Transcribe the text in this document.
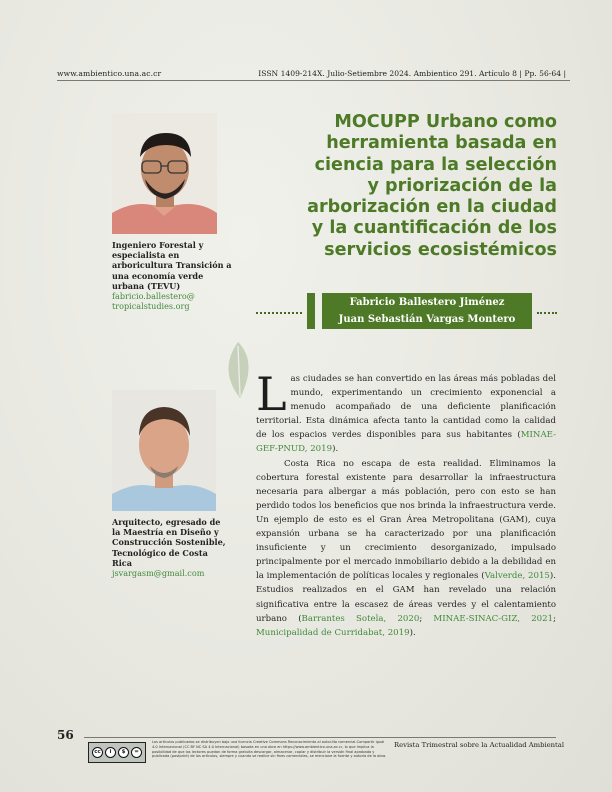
www.ambientico.una.ac.cr	ISSN 1409-214X. Julio-Setiembre 2024. Ambientico 291. Artículo 8 | Pp. 56-64 |
Ingeniero Forestal y especialista en arboricultura Transición a una economía verde urbana (TEVU)
fabricio.ballestero@ tropicalstudies.org
Arquitecto, egresado de la Maestría en Diseño y Construcción Sostenible, Tecnológico de Costa Rica
jsvargasm@gmail.com
MOCUPP Urbano como
herramienta basada en
ciencia para la selección
y priorización de la
arborización en la ciudad
y la cuantificación de los
servicios ecosistémicos
Fabricio Ballestero Jiménez
Juan Sebastián Vargas Montero

Las ciudades se han convertido en las áreas más pobladas del mundo, experimentando un crecimiento exponencial a menudo acompañado de una deficiente planificación territorial. Esta dinámica afecta tanto la cantidad como la calidad de los espacios verdes disponibles para sus habitantes (MINAE-GEF-PNUD, 2019).

Costa Rica no escapa de esta realidad. Eliminamos la cobertura forestal existente para desarrollar la infraestructura necesaria para albergar a más población, pero con esto se han perdido todos los beneficios que nos brinda la infraestructura verde. Un ejemplo de esto es el Gran Área Metropolitana (GAM), cuya expansión urbana se ha caracterizado por una planificación insuficiente y un crecimiento desorganizado, impulsado principalmente por el mercado inmobiliario debido a la debilidad en la implementación de políticas locales y regionales (Valverde, 2015). Estudios realizados en el GAM han revelado una relación significativa entre la escasez de áreas verdes y el calentamiento urbano (Barrantes Sotela, 2020; MINAE-SINAC-GIZ, 2021; Municipalidad de Curridabat, 2019).

56
cc	i	$	=
Los artículos publicados se distribuyen bajo una licencia Creative Commons Reconocimiento al autor-No comercial-Compartir igual 4.0 Internacional (CC BY NC SA 4.0 Internacional) basada en una obra en https://www.ambientico.una.ac.cr, lo que implica la posibilidad de que los lectores puedan de forma gratuita descargar, almacenar, copiar y distribuir la versión final aprobada y publicada (postprint) de los artículos, siempre y cuando se realice sin fines comerciales, se mencione la fuente y autoría de la obra.
Revista Trimestral sobre la Actualidad Ambiental
